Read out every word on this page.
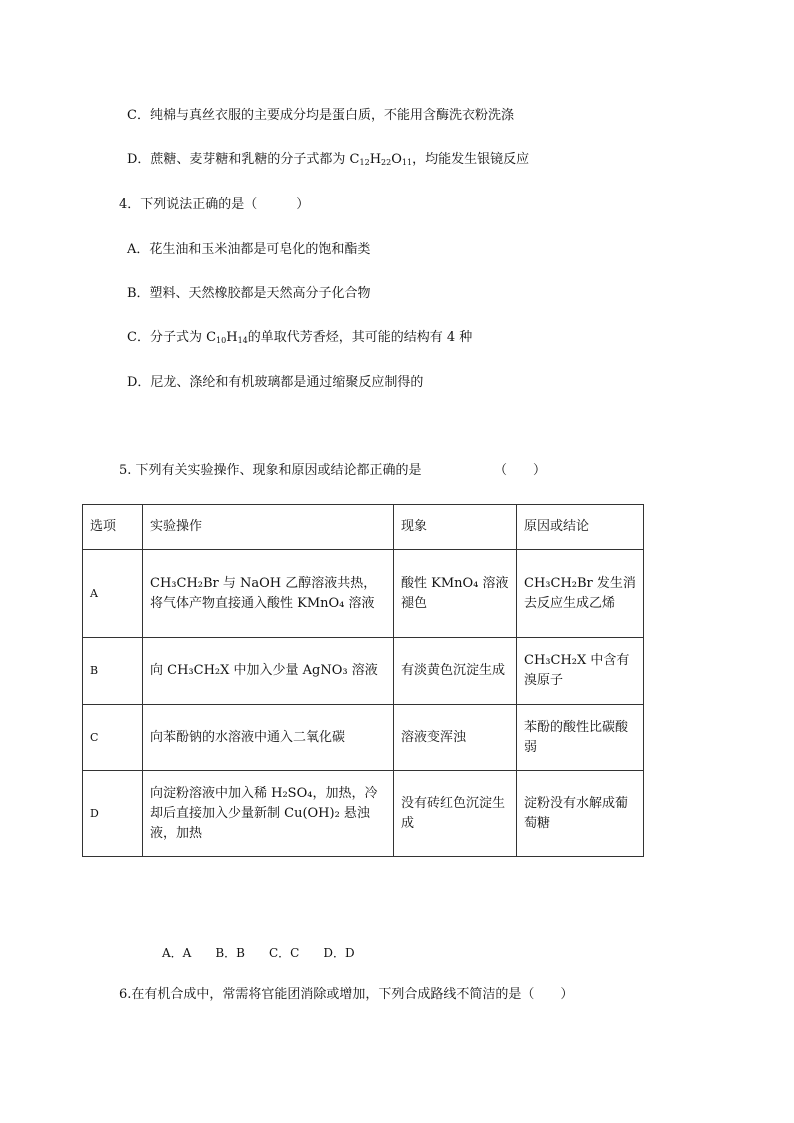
C．纯棉与真丝衣服的主要成分均是蛋白质，不能用含酶洗衣粉洗涤
D．蔗糖、麦芽糖和乳糖的分子式都为 $C_{12}H_{22}O_{11}$，均能发生银镜反应
4．下列说法正确的是（　　　）
A．花生油和玉米油都是可皂化的饱和酯类
B．塑料、天然橡胶都是天然高分子化合物
C．分子式为 $C_{10}H_{14}$的单取代芳香烃，其可能的结构有 4 种
D．尼龙、涤纶和有机玻璃都是通过缩聚反应制得的
5. 下列有关实验操作、现象和原因或结论都正确的是	（　　）
选项	实验操作	现象	原因或结论
A	CH₃CH₂Br 与 NaOH 乙醇溶液共热，将气体产物直接通入酸性 KMnO₄ 溶液	酸性 KMnO₄ 溶液褪色	CH₃CH₂Br 发生消去反应生成乙烯
B	向 CH₃CH₂X 中加入少量 AgNO₃ 溶液	有淡黄色沉淀生成	CH₃CH₂X 中含有溴原子
C	向苯酚钠的水溶液中通入二氧化碳	溶液变浑浊	苯酚的酸性比碳酸弱
D	向淀粉溶液中加入稀 H₂SO₄，加热，冷却后直接加入少量新制 Cu(OH)₂ 悬浊液，加热	没有砖红色沉淀生成	淀粉没有水解成葡萄糖
A．A　　B．B　　C．C　　D．D
6.在有机合成中，常需将官能团消除或增加，下列合成路线不简洁的是（　　）
